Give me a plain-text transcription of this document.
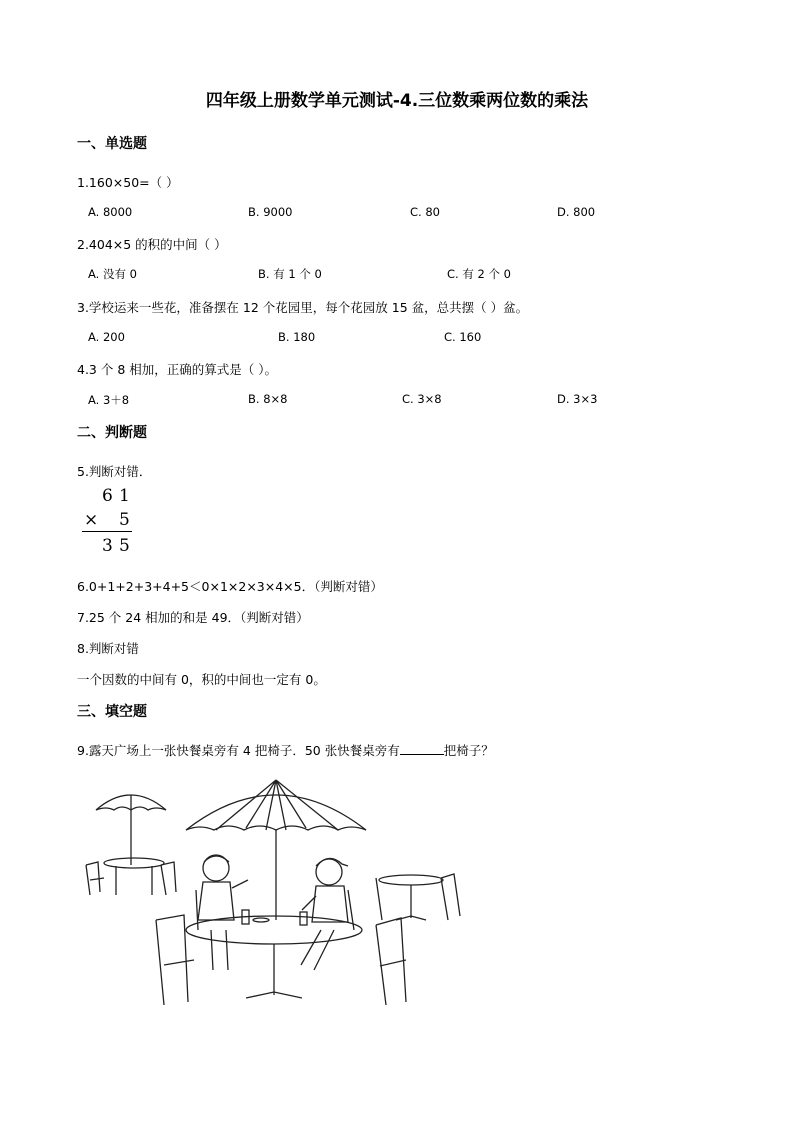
四年级上册数学单元测试-4.三位数乘两位数的乘法
一、单选题
1.160×50=（ ）
A. 8000	B. 9000	C. 80	D. 800
2.404×5 的积的中间（ ）
A. 没有 0	B. 有 1 个 0	C. 有 2 个 0
3.学校运来一些花，准备摆在 12 个花园里，每个花园放 15 盆，总共摆（ ）盆。
A. 200	B. 180	C. 160
4.3 个 8 相加，正确的算式是（ ）。
A. 3＋8	B. 8×8	C. 3×8	D. 3×3
二、判断题
5.判断对错．
6 1
× 5
3 5
6.0+1+2+3+4+5＜0×1×2×3×4×5．（判断对错）
7.25 个 24 相加的和是 49．（判断对错）
8.判断对错
一个因数的中间有 0，积的中间也一定有 0。
三、填空题
9.露天广场上一张快餐桌旁有 4 把椅子．50 张快餐桌旁有	把椅子？
